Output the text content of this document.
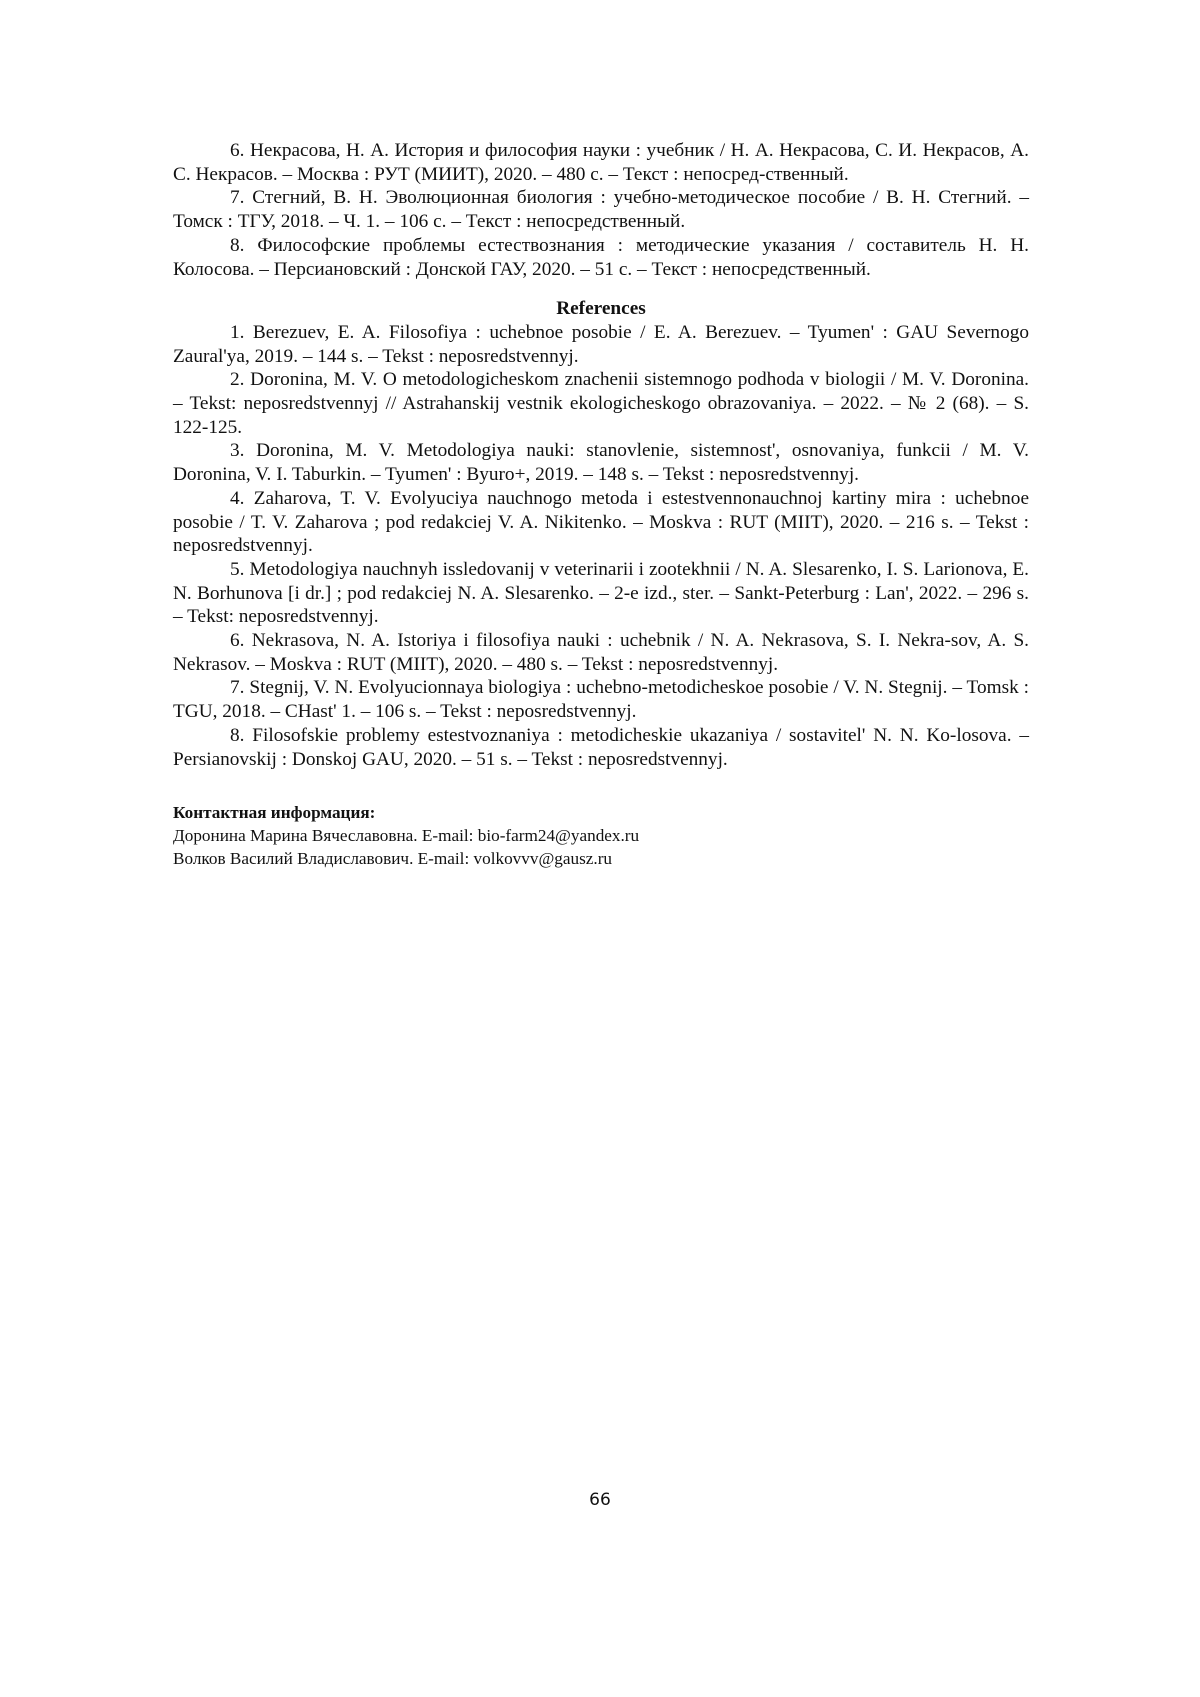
6. Некрасова, Н. А. История и философия науки : учебник / Н. А. Некрасова, С. И. Некрасов, А. С. Некрасов. – Москва : РУТ (МИИТ), 2020. – 480 с. – Текст : непосред-ственный.

7. Стегний, В. Н. Эволюционная биология : учебно-методическое пособие / В. Н. Стегний. – Томск : ТГУ, 2018. – Ч. 1. – 106 с. – Текст : непосредственный.

8. Философские проблемы естествознания : методические указания / составитель Н. Н. Колосова. – Персиановский : Донской ГАУ, 2020. – 51 с. – Текст : непосредственный.

References

1. Berezuev, E. A. Filosofiya : uchebnoe posobie / E. A. Berezuev. – Tyumen' : GAU Severnogo Zaural'ya, 2019. – 144 s. – Tekst : neposredstvennyj.

2. Doronina, M. V. O metodologicheskom znachenii sistemnogo podhoda v biologii / M. V. Doronina. – Tekst: neposredstvennyj // Astrahanskij vestnik ekologicheskogo obrazovaniya. – 2022. – № 2 (68). – S. 122-125.

3. Doronina, M. V. Metodologiya nauki: stanovlenie, sistemnost', osnovaniya, funkcii / M. V. Doronina, V. I. Taburkin. – Tyumen' : Byuro+, 2019. – 148 s. – Tekst : neposredstvennyj.

4. Zaharova, T. V. Evolyuciya nauchnogo metoda i estestvennonauchnoj kartiny mira : uchebnoe posobie / T. V. Zaharova ; pod redakciej V. A. Nikitenko. – Moskva : RUT (MIIT), 2020. – 216 s. – Tekst : neposredstvennyj.

5. Metodologiya nauchnyh issledovanij v veterinarii i zootekhnii / N. A. Slesarenko, I. S. Larionova, E. N. Borhunova [i dr.] ; pod redakciej N. A. Slesarenko. – 2-e izd., ster. – Sankt-Peterburg : Lan', 2022. – 296 s. – Tekst: neposredstvennyj.

6. Nekrasova, N. A. Istoriya i filosofiya nauki : uchebnik / N. A. Nekrasova, S. I. Nekra-sov, A. S. Nekrasov. – Moskva : RUT (MIIT), 2020. – 480 s. – Tekst : neposredstvennyj.

7. Stegnij, V. N. Evolyucionnaya biologiya : uchebno-metodicheskoe posobie / V. N. Stegnij. – Tomsk : TGU, 2018. – CHast' 1. – 106 s. – Tekst : neposredstvennyj.

8. Filosofskie problemy estestvoznaniya : metodicheskie ukazaniya / sostavitel' N. N. Ko-losova. – Persianovskij : Donskoj GAU, 2020. – 51 s. – Tekst : neposredstvennyj.

Контактная информация:
Доронина Марина Вячеславовна. E-mail: bio-farm24@yandex.ru
Волков Василий Владиславович. E-mail: volkovvv@gausz.ru
66
